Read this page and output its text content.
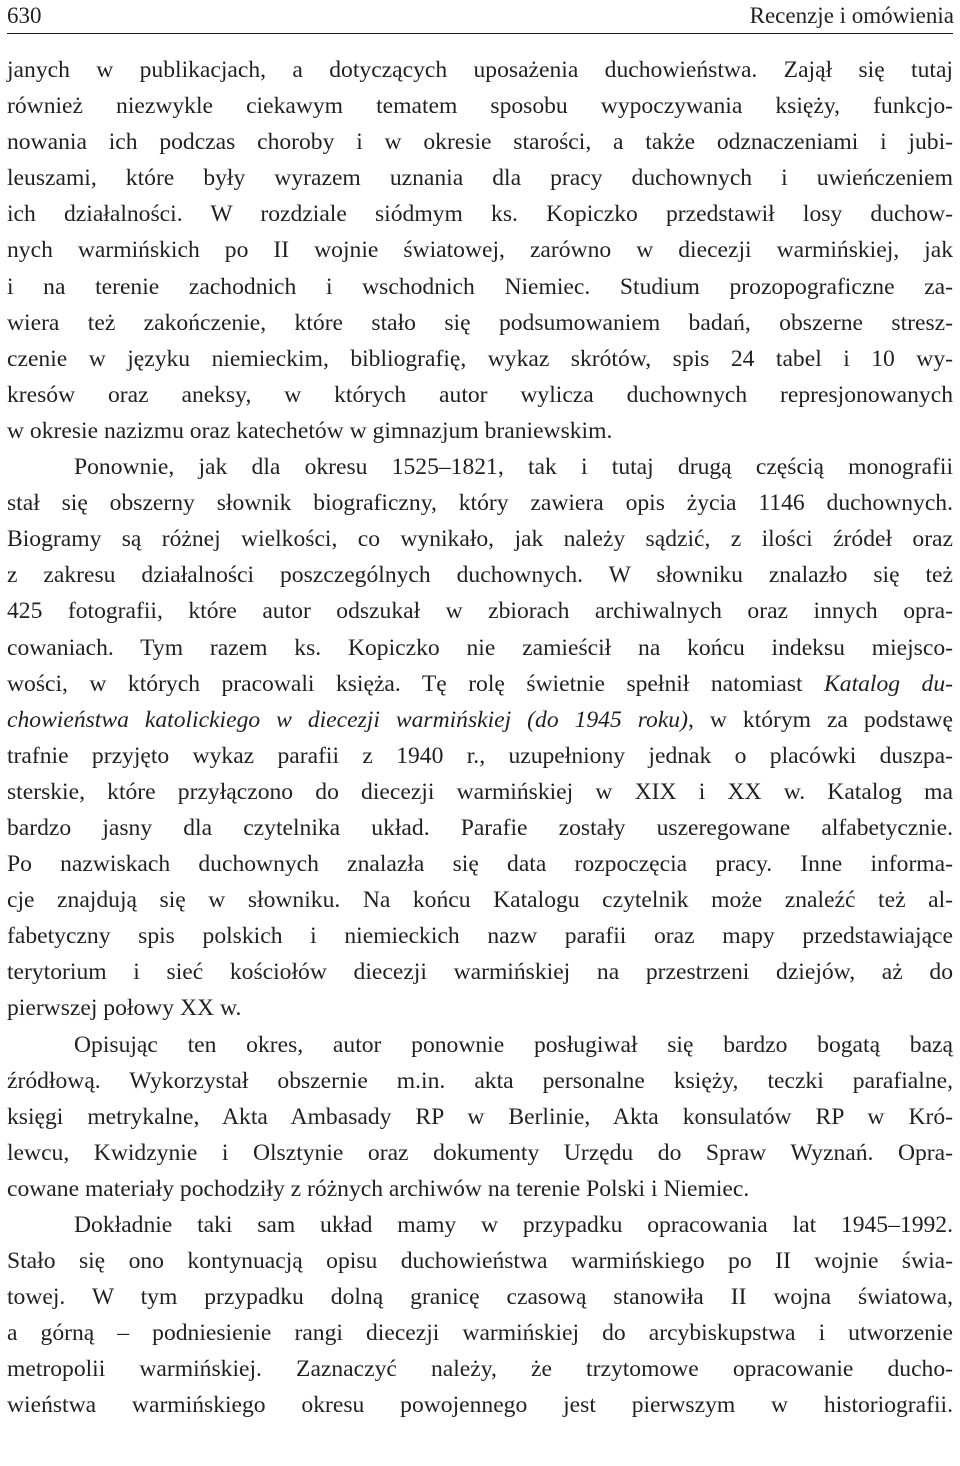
630	Recenzje i omówienia
janych w publikacjach, a dotyczących uposażenia duchowieństwa. Zajął się tutaj
również niezwykle ciekawym tematem sposobu wypoczywania księży, funkcjo-
nowania ich podczas choroby i w okresie starości, a także odznaczeniami i jubi-
leuszami, które były wyrazem uznania dla pracy duchownych i uwieńczeniem
ich działalności. W rozdziale siódmym ks. Kopiczko przedstawił losy duchow-
nych warmińskich po II wojnie światowej, zarówno w diecezji warmińskiej, jak
i na terenie zachodnich i wschodnich Niemiec. Studium prozopograficzne za-
wiera też zakończenie, które stało się podsumowaniem badań, obszerne stresz-
czenie w języku niemieckim, bibliografię, wykaz skrótów, spis 24 tabel i 10 wy-
kresów oraz aneksy, w których autor wylicza duchownych represjonowanych
w okresie nazizmu oraz katechetów w gimnazjum braniewskim.
Ponownie, jak dla okresu 1525–1821, tak i tutaj drugą częścią monografii
stał się obszerny słownik biograficzny, który zawiera opis życia 1146 duchownych.
Biogramy są różnej wielkości, co wynikało, jak należy sądzić, z ilości źródeł oraz
z zakresu działalności poszczególnych duchownych. W słowniku znalazło się też
425 fotografii, które autor odszukał w zbiorach archiwalnych oraz innych opra-
cowaniach. Tym razem ks. Kopiczko nie zamieścił na końcu indeksu miejsco-
wości, w których pracowali księża. Tę rolę świetnie spełnił natomiast Katalog du-
chowieństwa katolickiego w diecezji warmińskiej (do 1945 roku), w którym za podstawę
trafnie przyjęto wykaz parafii z 1940 r., uzupełniony jednak o placówki duszpa-
sterskie, które przyłączono do diecezji warmińskiej w XIX i XX w. Katalog ma
bardzo jasny dla czytelnika układ. Parafie zostały uszeregowane alfabetycznie.
Po nazwiskach duchownych znalazła się data rozpoczęcia pracy. Inne informa-
cje znajdują się w słowniku. Na końcu Katalogu czytelnik może znaleźć też al-
fabetyczny spis polskich i niemieckich nazw parafii oraz mapy przedstawiające
terytorium i sieć kościołów diecezji warmińskiej na przestrzeni dziejów, aż do
pierwszej połowy XX w.
Opisując ten okres, autor ponownie posługiwał się bardzo bogatą bazą
źródłową. Wykorzystał obszernie m.in. akta personalne księży, teczki parafialne,
księgi metrykalne, Akta Ambasady RP w Berlinie, Akta konsulatów RP w Kró-
lewcu, Kwidzynie i Olsztynie oraz dokumenty Urzędu do Spraw Wyznań. Opra-
cowane materiały pochodziły z różnych archiwów na terenie Polski i Niemiec.
Dokładnie taki sam układ mamy w przypadku opracowania lat 1945–1992.
Stało się ono kontynuacją opisu duchowieństwa warmińskiego po II wojnie świa-
towej. W tym przypadku dolną granicę czasową stanowiła II wojna światowa,
a górną – podniesienie rangi diecezji warmińskiej do arcybiskupstwa i utworzenie
metropolii warmińskiej. Zaznaczyć należy, że trzytomowe opracowanie ducho-
wieństwa warmińskiego okresu powojennego jest pierwszym w historiografii.
